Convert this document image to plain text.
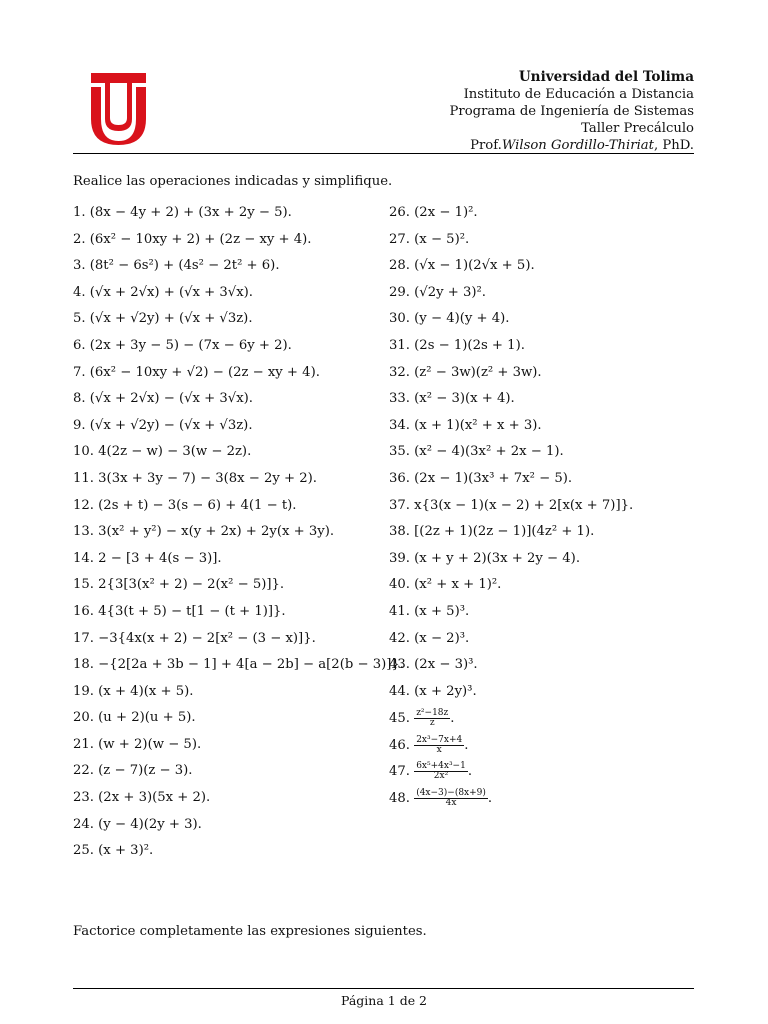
Universidad del Tolima
Instituto de Educación a Distancia
Programa de Ingeniería de Sistemas
Taller Precálculo
Prof.Wilson Gordillo-Thiriat, PhD.
Realice las operaciones indicadas y simplifique.
1. (8x − 4y + 2) + (3x + 2y − 5).
2. (6x² − 10xy + 2) + (2z − xy + 4).
3. (8t² − 6s²) + (4s² − 2t² + 6).
4. (√x + 2√x) + (√x + 3√x).
5. (√x + √2y) + (√x + √3z).
6. (2x + 3y − 5) − (7x − 6y + 2).
7. (6x² − 10xy + √2) − (2z − xy + 4).
8. (√x + 2√x) − (√x + 3√x).
9. (√x + √2y) − (√x + √3z).
10. 4(2z − w) − 3(w − 2z).
11. 3(3x + 3y − 7) − 3(8x − 2y + 2).
12. (2s + t) − 3(s − 6) + 4(1 − t).
13. 3(x² + y²) − x(y + 2x) + 2y(x + 3y).
14. 2 − [3 + 4(s − 3)].
15. 2{3[3(x² + 2) − 2(x² − 5)]}.
16. 4{3(t + 5) − t[1 − (t + 1)]}.
17. −3{4x(x + 2) − 2[x² − (3 − x)]}.
18. −{2[2a + 3b − 1] + 4[a − 2b] − a[2(b − 3)]}.
19. (x + 4)(x + 5).
20. (u + 2)(u + 5).
21. (w + 2)(w − 5).
22. (z − 7)(z − 3).
23. (2x + 3)(5x + 2).
24. (y − 4)(2y + 3).
25. (x + 3)².
26. (2x − 1)².
27. (x − 5)².
28. (√x − 1)(2√x + 5).
29. (√2y + 3)².
30. (y − 4)(y + 4).
31. (2s − 1)(2s + 1).
32. (z² − 3w)(z² + 3w).
33. (x² − 3)(x + 4).
34. (x + 1)(x² + x + 3).
35. (x² − 4)(3x² + 2x − 1).
36. (2x − 1)(3x³ + 7x² − 5).
37. x{3(x − 1)(x − 2) + 2[x(x + 7)]}.
38. [(2z + 1)(2z − 1)](4z² + 1).
39. (x + y + 2)(3x + 2y − 4).
40. (x² + x + 1)².
41. (x + 5)³.
42. (x − 2)³.
43. (2x − 3)³.
44. (x + 2y)³.
45. $\frac{\text{z²−18z}}{z}$ .
46. $\frac{\text{2x³−7x+4}}{x}$ .
47. $\frac{\text{6x⁵+4x³−1}}{\text{2x²}}$ .
48. $\frac{(4x-3)-(8x+9)}{4x}$ .
Factorice completamente las expresiones siguientes.
Página 1 de 2
